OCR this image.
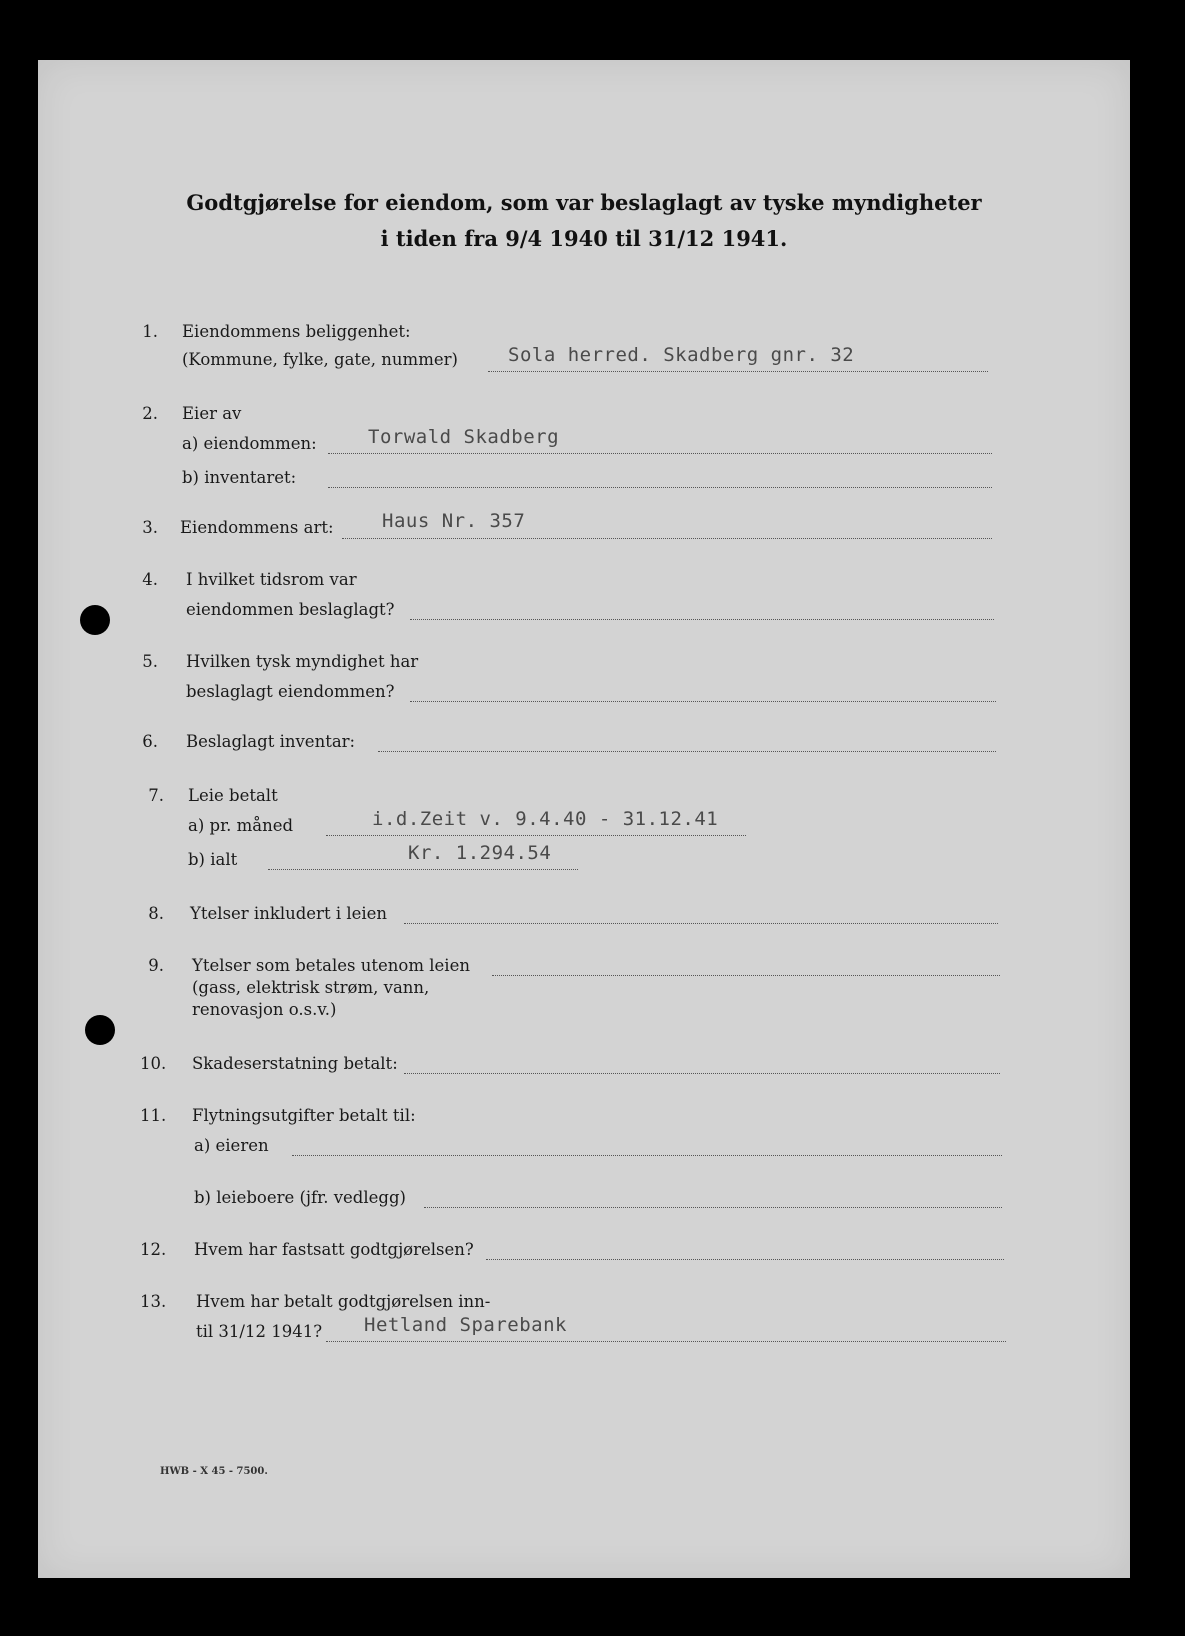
Godtgjørelse for eiendom, som var beslaglagt av tyske myndigheter
i tiden fra 9/4 1940 til 31/12 1941.
1. Eiendommens beliggenhet:
(Kommune, fylke, gate, nummer)	Sola herred. Skadberg gnr. 32
2. Eier av
a) eiendommen:	Torwald Skadberg
b) inventaret:
3. Eiendommens art:	Haus Nr. 357
4. I hvilket tidsrom var
eiendommen beslaglagt?
5. Hvilken tysk myndighet har
beslaglagt eiendommen?
6. Beslaglagt inventar:
7. Leie betalt
a) pr. måned	i.d.Zeit v. 9.4.40 - 31.12.41
b) ialt	Kr. 1.294.54
8. Ytelser inkludert i leien
9. Ytelser som betales utenom leien
(gass, elektrisk strøm, vann,
renovasjon o.s.v.)
10. Skadeserstatning betalt:
11. Flytningsutgifter betalt til:
a) eieren
b) leieboere (jfr. vedlegg)
12. Hvem har fastsatt godtgjørelsen?
13. Hvem har betalt godtgjørelsen inn-
til 31/12 1941? Hetland Sparebank
HWB - X 45 - 7500.
